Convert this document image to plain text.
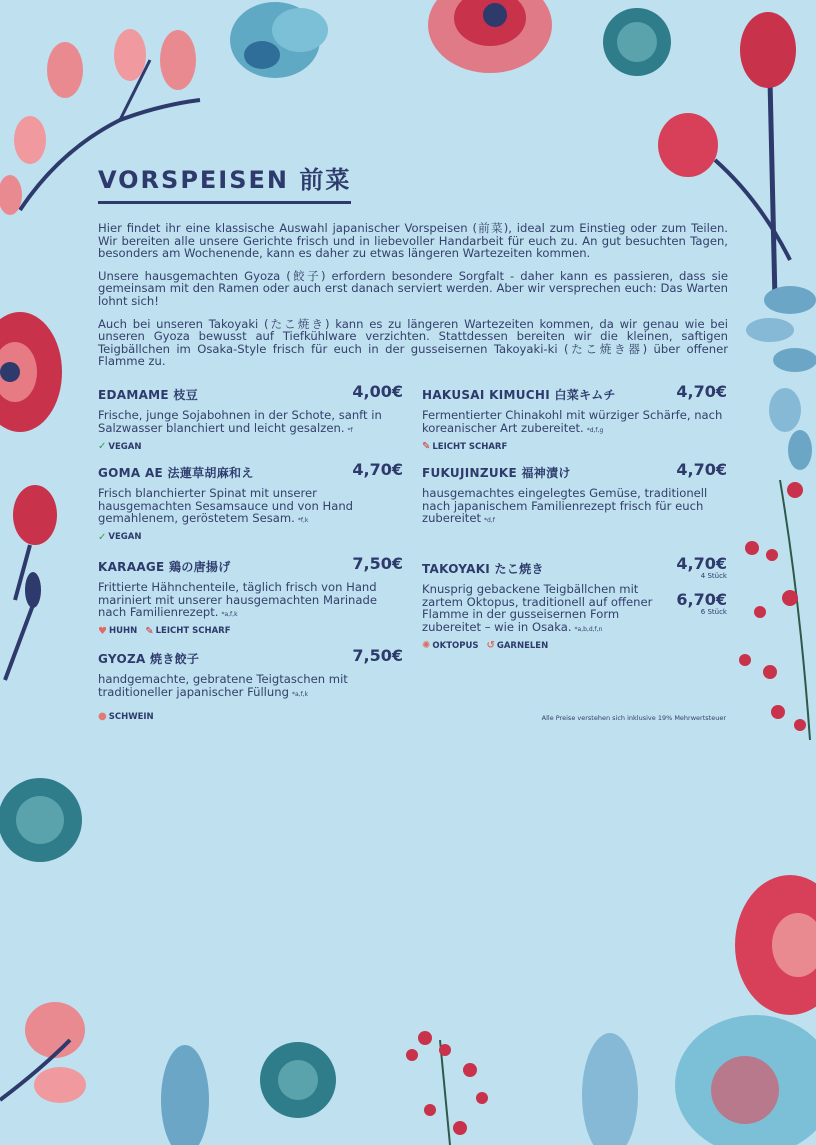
VORSPEISEN 前菜

Hier findet ihr eine klassische Auswahl japanischer Vorspeisen (前菜), ideal zum Einstieg oder zum Teilen. Wir bereiten alle unsere Gerichte frisch und in liebevoller Handarbeit für euch zu. An gut besuchten Tagen, besonders am Wochenende, kann es daher zu etwas längeren Wartezeiten kommen.

Unsere hausgemachten Gyoza (餃子) erfordern besondere Sorgfalt - daher kann es passieren, dass sie gemeinsam mit den Ramen oder auch erst danach serviert werden. Aber wir versprechen euch: Das Warten lohnt sich!

Auch bei unseren Takoyaki (たこ焼き) kann es zu längeren Wartezeiten kommen, da wir genau wie bei unseren Gyoza bewusst auf Tiefkühlware verzichten. Stattdessen bereiten wir die kleinen, saftigen Teigbällchen im Osaka-Style frisch für euch in der gusseisernen Takoyaki-ki (たこ焼き器) über offener Flamme zu.

EDAMAME 枝豆	4,00€
Frische, junge Sojabohnen in der Schote, sanft in Salzwasser blanchiert und leicht gesalzen. *f
✓ VEGAN
GOMA AE 法蓮草胡麻和え	4,70€
Frisch blanchierter Spinat mit unserer hausgemachten Sesamsauce und von Hand gemahlenem, geröstetem Sesam. *f,k
✓ VEGAN
KARAAGE 鶏の唐揚げ	7,50€
Frittierte Hähnchenteile, täglich frisch von Hand mariniert mit unserer hausgemachten Marinade nach Familienrezept. *a,f,k
♥ HUHN ✎ LEICHT SCHARF
GYOZA 焼き餃子	7,50€
handgemachte, gebratene Teigtaschen mit traditioneller japanischer Füllung *a,f,k
● SCHWEIN
HAKUSAI KIMUCHI 白菜キムチ	4,70€
Fermentierter Chinakohl mit würziger Schärfe, nach koreanischer Art zubereitet. *d,f,g
✎ LEICHT SCHARF
FUKUJINZUKE 福神漬け	4,70€
hausgemachtes eingelegtes Gemüse, traditionell nach japanischem Familienrezept frisch für euch zubereitet *d,f
TAKOYAKI たこ焼き	4,70€
4 Stück
6,70€
6 Stück
Knusprig gebackene Teigbällchen mit zartem Oktopus, traditionell auf offener Flamme in der gusseisernen Form zubereitet – wie in Osaka. *a,b,d,f,n
✺ OKTOPUS ↺ GARNELEN
Alle Preise verstehen sich inklusive 19% Mehrwertsteuer
